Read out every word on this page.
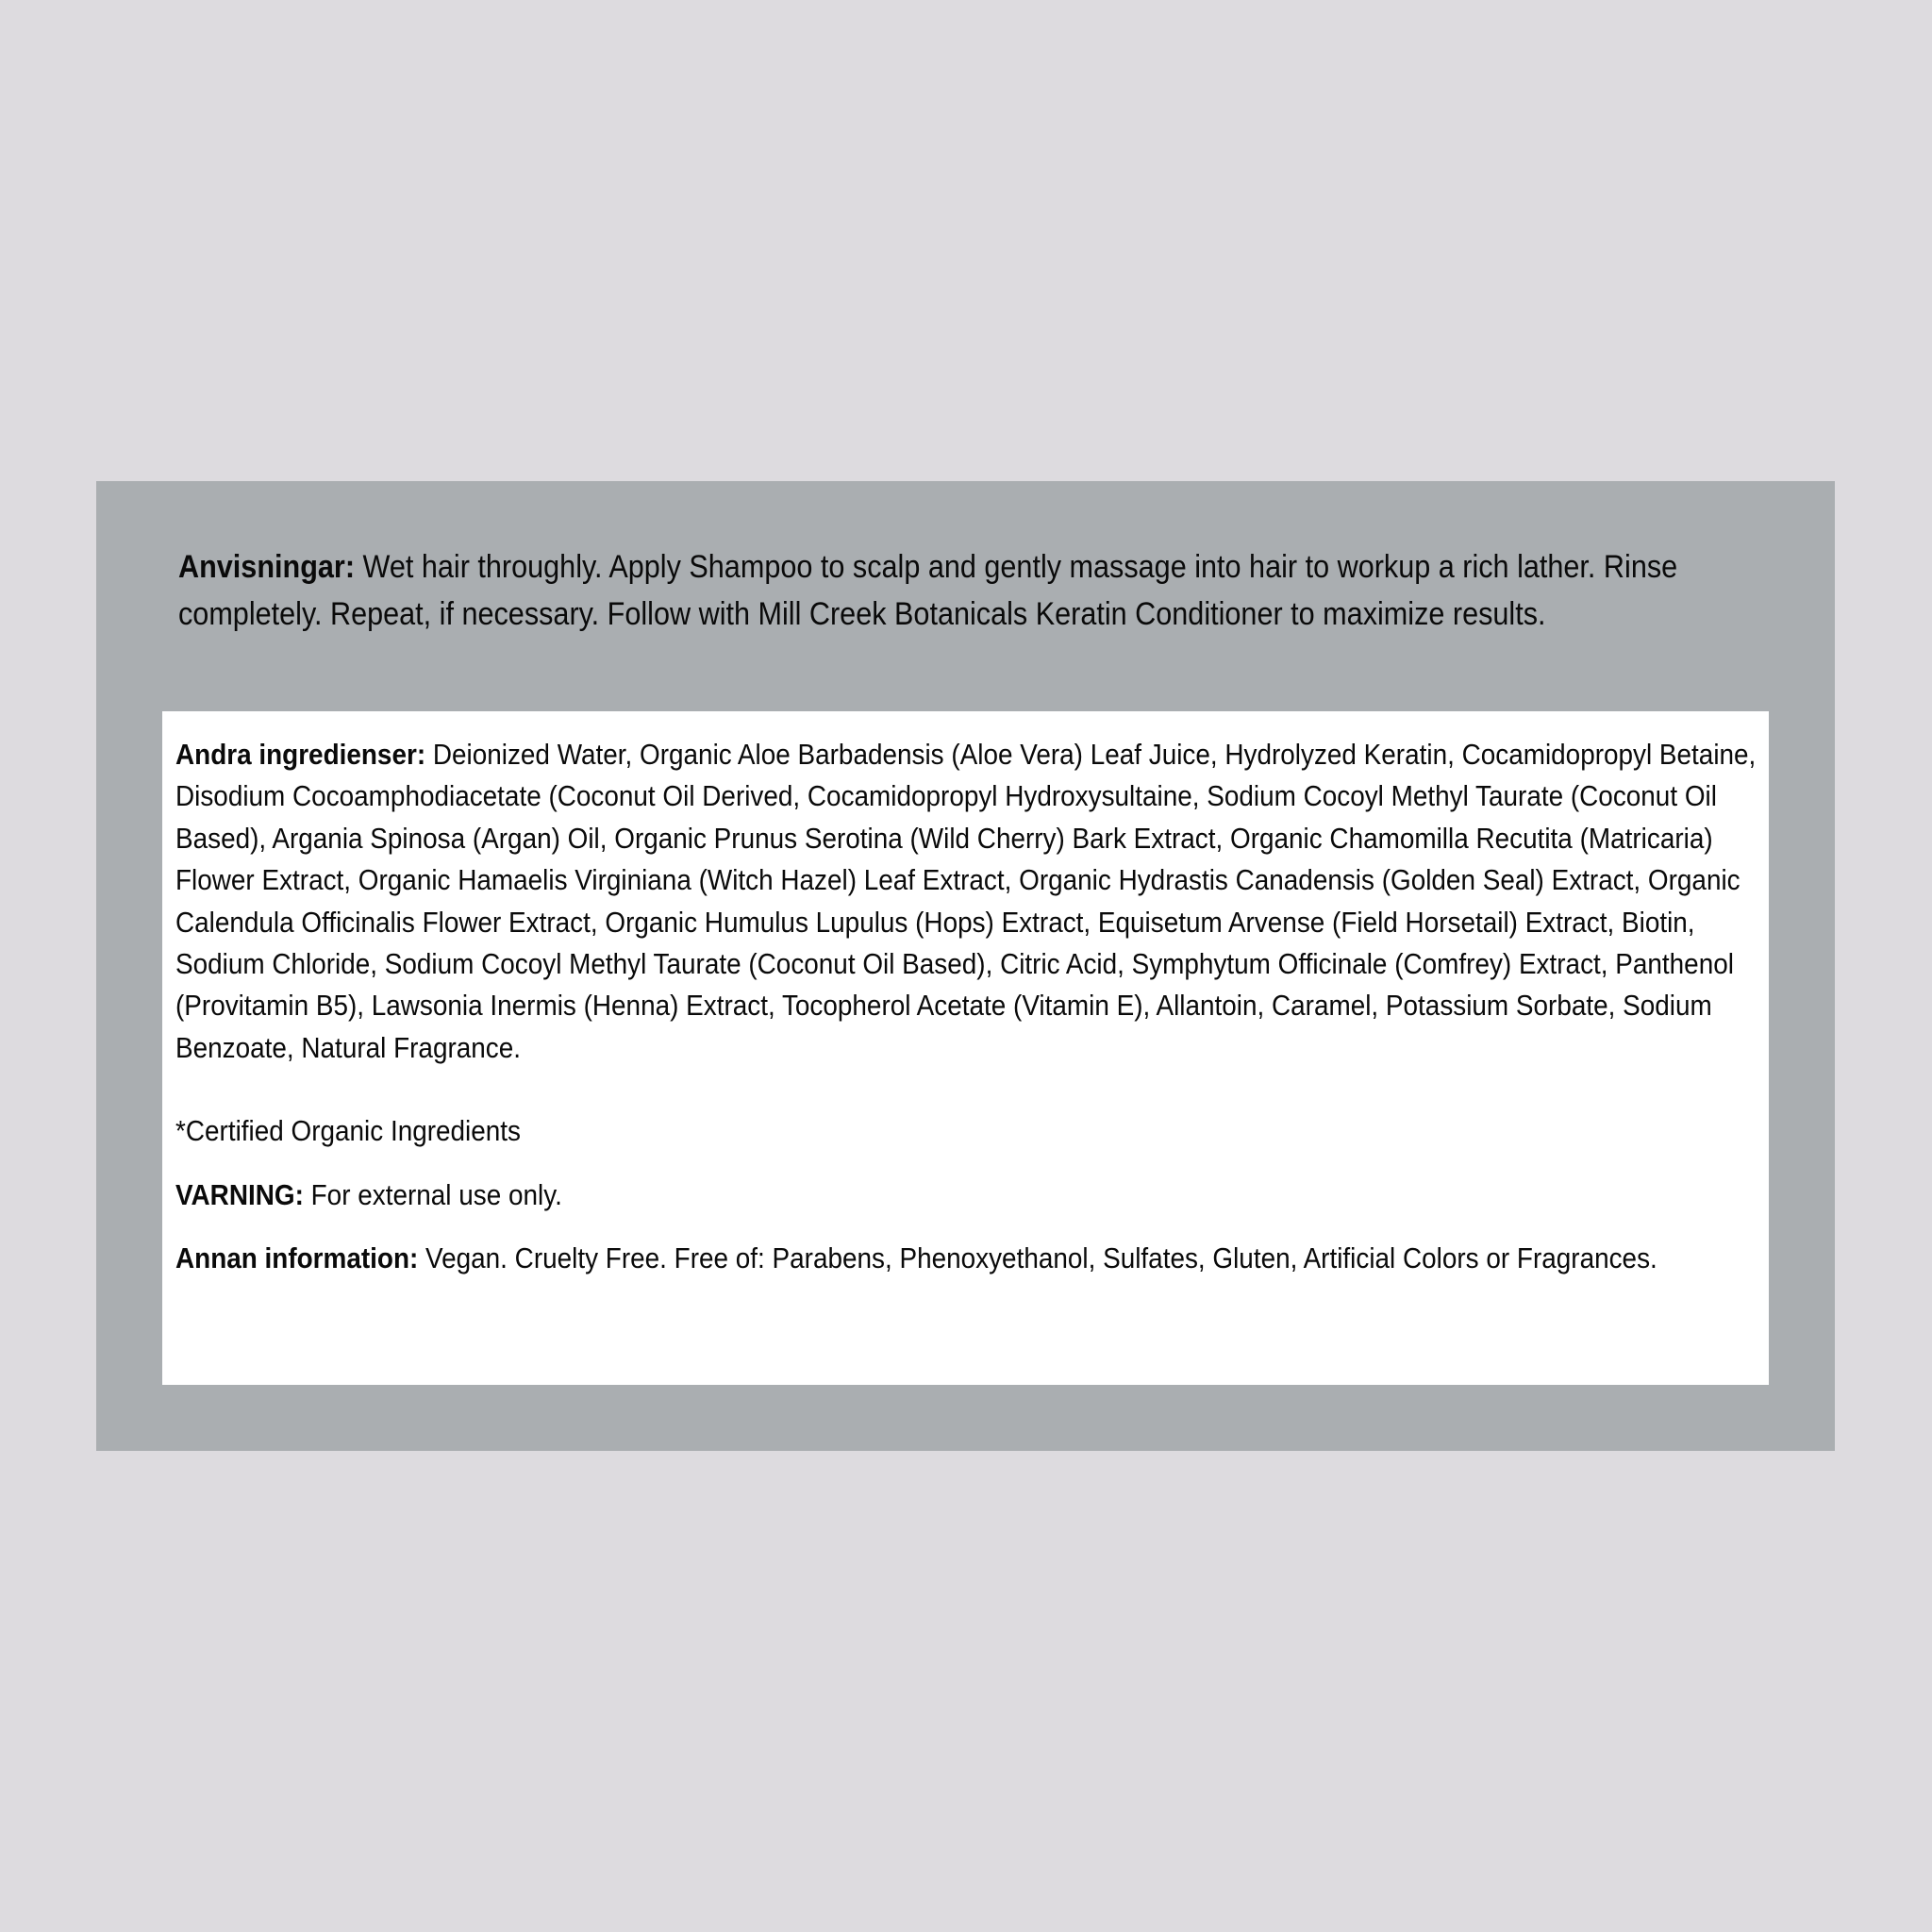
Anvisningar: Wet hair throughly. Apply Shampoo to scalp and gently massage into hair to workup a rich lather. Rinse completely. Repeat, if necessary. Follow with Mill Creek Botanicals Keratin Conditioner to maximize results.

Andra ingredienser: Deionized Water, Organic Aloe Barbadensis (Aloe Vera) Leaf Juice, Hydrolyzed Keratin, Cocamidopropyl Betaine, Disodium Cocoamphodiacetate (Coconut Oil Derived, Cocamidopropyl Hydroxysultaine, Sodium Cocoyl Methyl Taurate (Coconut Oil Based), Argania Spinosa (Argan) Oil, Organic Prunus Serotina (Wild Cherry) Bark Extract, Organic Chamomilla Recutita (Matricaria) Flower Extract, Organic Hamaelis Virginiana (Witch Hazel) Leaf Extract, Organic Hydrastis Canadensis (Golden Seal) Extract, Organic Calendula Officinalis Flower Extract, Organic Humulus Lupulus (Hops) Extract, Equisetum Arvense (Field Horsetail) Extract, Biotin, Sodium Chloride, Sodium Cocoyl Methyl Taurate (Coconut Oil Based), Citric Acid, Symphytum Officinale (Comfrey) Extract, Panthenol (Provitamin B5), Lawsonia Inermis (Henna) Extract, Tocopherol Acetate (Vitamin E), Allantoin, Caramel, Potassium Sorbate, Sodium Benzoate, Natural Fragrance.

*Certified Organic Ingredients

VARNING: For external use only.

Annan information: Vegan. Cruelty Free. Free of: Parabens, Phenoxyethanol, Sulfates, Gluten, Artificial Colors or Fragrances.
